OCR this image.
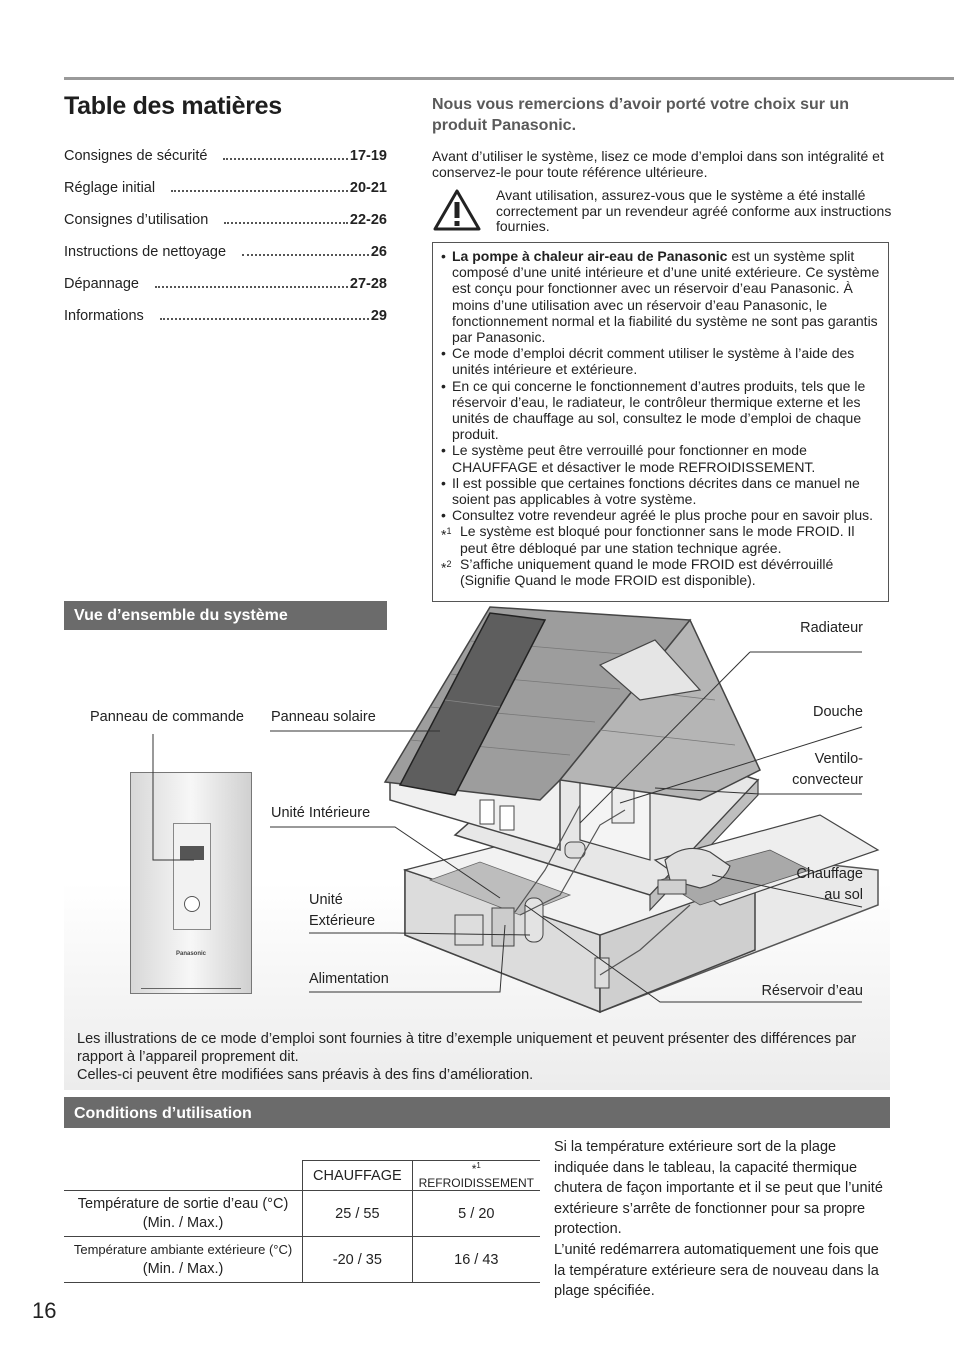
Table des matières
Consignes de sécurité	17-19
Réglage initial	20-21
Consignes d’utilisation	22-26
Instructions de nettoyage	26
Dépannage	27-28
Informations	29
Nous vous remercions d’avoir porté votre choix sur un produit Panasonic.
Avant d’utiliser le système, lisez ce mode d’emploi dans son intégralité et conservez-le pour toute référence ultérieure.
Avant utilisation, assurez-vous que le système a été installé correctement par un revendeur agréé conforme aux instructions fournies.
• La pompe à chaleur air-eau de Panasonic est un système split composé d’une unité intérieure et d’une unité extérieure. Ce système est conçu pour fonctionner avec un réservoir d’eau Panasonic. À moins d’une utilisation avec un réservoir d’eau Panasonic, le fonctionnement normal et la fiabilité du système ne sont pas garantis par Panasonic.
• Ce mode d’emploi décrit comment utiliser le système à l’aide des unités intérieure et extérieure.
• En ce qui concerne le fonctionnement d’autres produits, tels que le réservoir d’eau, le radiateur, le contrôleur thermique externe et les unités de chauffage au sol, consultez le mode d’emploi de chaque produit.
• Le système peut être verrouillé pour fonctionner en mode CHAUFFAGE et désactiver le mode REFROIDISSEMENT.
• Il est possible que certaines fonctions décrites dans ce manuel ne soient pas applicables à votre système.
• Consultez votre revendeur agréé le plus proche pour en savoir plus.
*$^1$ Le système est bloqué pour fonctionner sans le mode FROID. Il peut être débloqué par une station technique agrée.
*$^2$ S’affiche uniquement quand le mode FROID est dévérrouillé (Signifie Quand le mode FROID est disponible).
Vue d’ensemble du système
Panasonic
Panneau de commande Panneau solaire
Unité Intérieure
Unité
Extérieure
Alimentation
Radiateur
Douche
Ventilo-
convecteur
Chauffage
au sol
Réservoir d’eau
Les illustrations de ce mode d’emploi sont fournies à titre d’exemple uniquement et peuvent présenter des différences par rapport à l’appareil proprement dit.
Celles-ci peuvent être modifiées sans préavis à des fins d’amélioration.
Conditions d’utilisation
	CHAUFFAGE	*$^1$ REFROIDISSEMENT
Température de sortie d’eau (°C)
(Min. / Max.)	25 / 55	5 / 20
Température ambiante extérieure (°C)
(Min. / Max.)	-20 / 35	16 / 43
Si la température extérieure sort de la plage indiquée dans le tableau, la capacité thermique chutera de façon importante et il se peut que l’unité extérieure s’arrête de fonctionner pour sa propre protection.
L’unité redémarrera automatiquement une fois que la température extérieure sera de nouveau dans la plage spécifiée.
16
